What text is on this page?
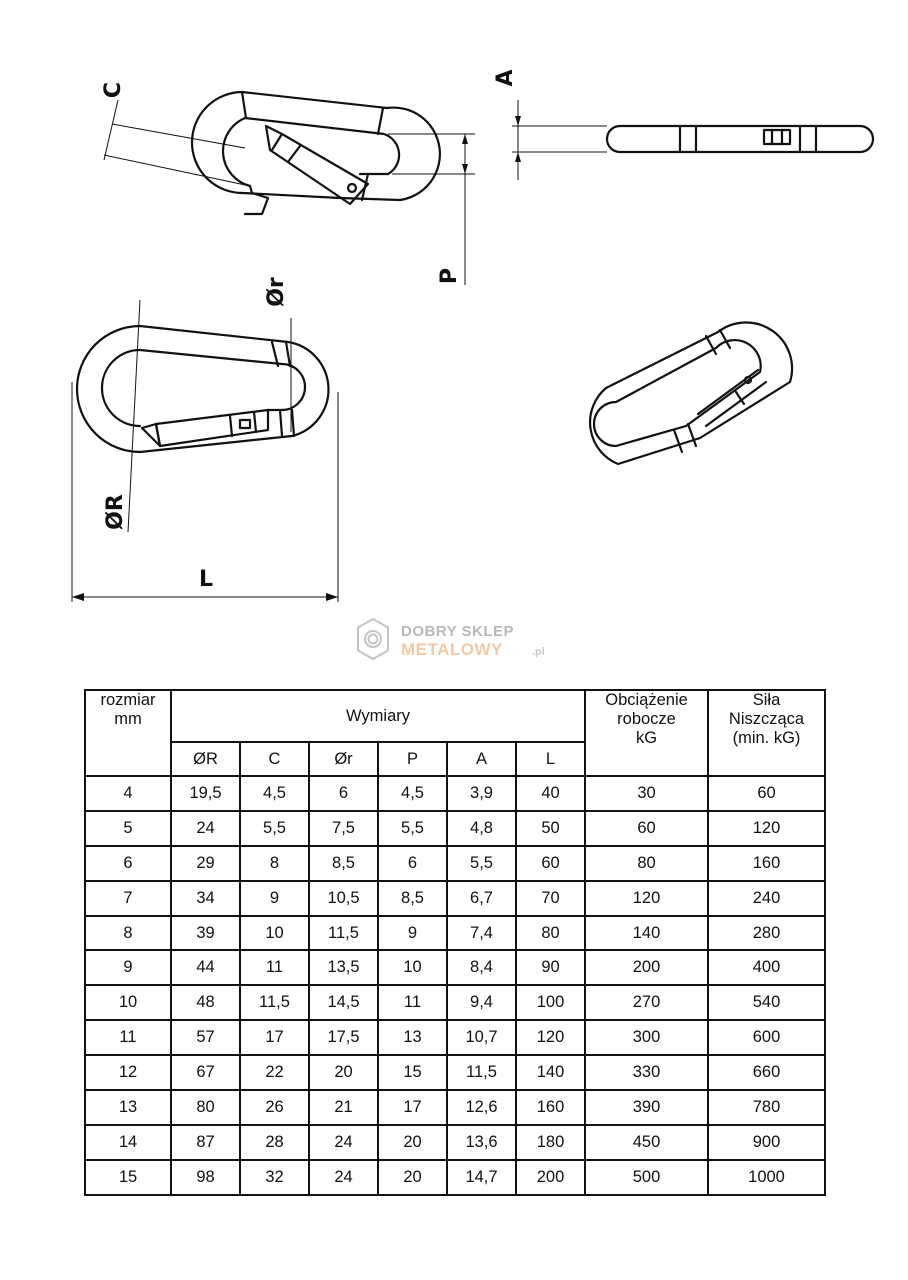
C
A
P
Ør
ØR
L
DOBRY SKLEP
METALOWY	.pl
rozmiar
mm	Wymiary						Obciążenie
robocze
kG	Siła
Niszcząca
(min. kG)
	ØR	C	Ør	P	A	L		
4	19,5	4,5	6	4,5	3,9	40	30	60
5	24	5,5	7,5	5,5	4,8	50	60	120
6	29	8	8,5	6	5,5	60	80	160
7	34	9	10,5	8,5	6,7	70	120	240
8	39	10	11,5	9	7,4	80	140	280
9	44	11	13,5	10	8,4	90	200	400
10	48	11,5	14,5	11	9,4	100	270	540
11	57	17	17,5	13	10,7	120	300	600
12	67	22	20	15	11,5	140	330	660
13	80	26	21	17	12,6	160	390	780
14	87	28	24	20	13,6	180	450	900
15	98	32	24	20	14,7	200	500	1000
